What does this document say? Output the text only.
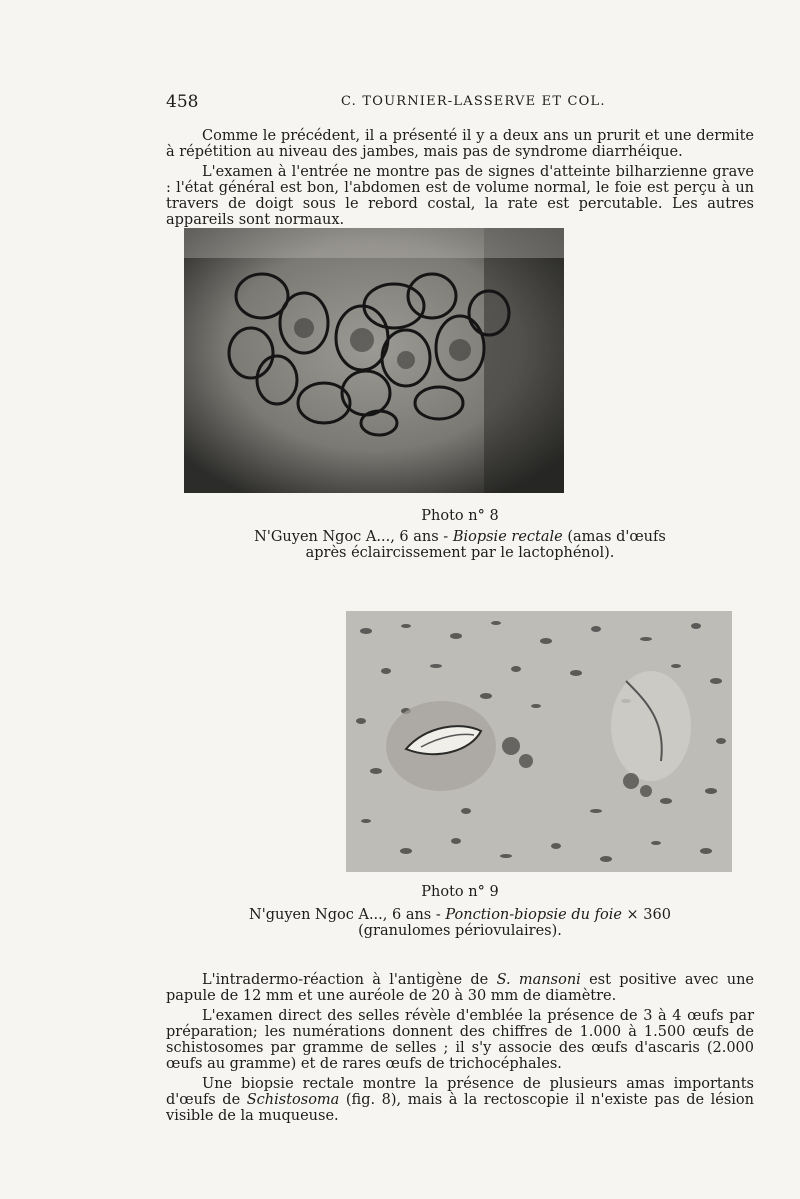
458	C. TOURNIER-LASSERVE ET COL.

Comme le précédent, il a présenté il y a deux ans un prurit et une dermite à répétition au niveau des jambes, mais pas de syndrome diarrhéique.

L'examen à l'entrée ne montre pas de signes d'atteinte bilharzienne grave : l'état général est bon, l'abdomen est de volume normal, le foie est perçu à un travers de doigt sous le rebord costal, la rate est percutable. Les autres appareils sont normaux.

Photo n° 8

N'Guyen Ngoc A..., 6 ans - Biopsie rectale (amas d'œufs
après éclaircissement par le lactophénol).

Photo n° 9

N'guyen Ngoc A..., 6 ans - Ponction-biopsie du foie × 360
(granulomes périovulaires).

L'intradermo-réaction à l'antigène de S. mansoni est positive avec une papule de 12 mm et une auréole de 20 à 30 mm de diamètre.

L'examen direct des selles révèle d'emblée la présence de 3 à 4 œufs par préparation; les numérations donnent des chiffres de 1.000 à 1.500 œufs de schistosomes par gramme de selles ; il s'y associe des œufs d'ascaris (2.000 œufs au gramme) et de rares œufs de trichocéphales.

Une biopsie rectale montre la présence de plusieurs amas importants d'œufs de Schistosoma (fig. 8), mais à la rectoscopie il n'existe pas de lésion visible de la muqueuse.
